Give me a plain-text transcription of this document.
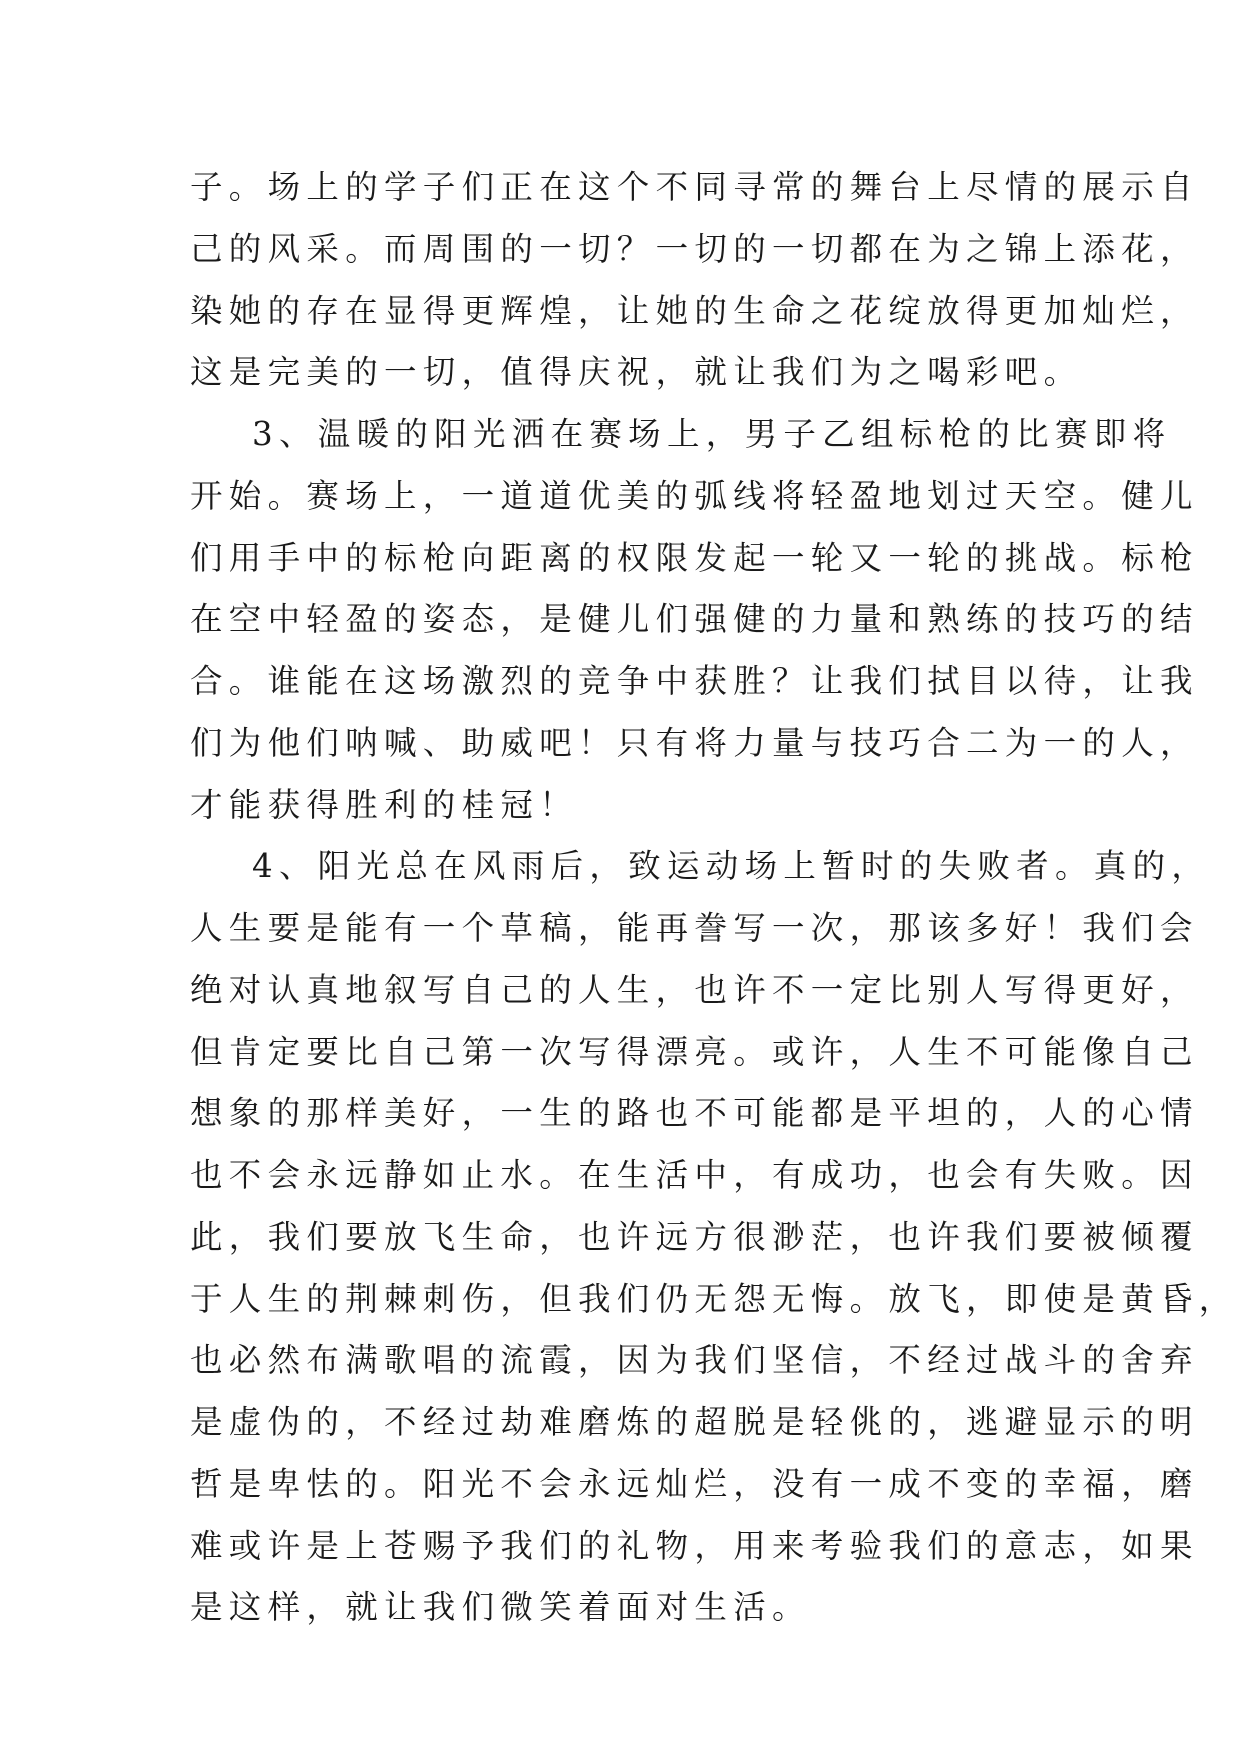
子。场上的学子们正在这个不同寻常的舞台上尽情的展示自
己的风采。而周围的一切？一切的一切都在为之锦上添花，
染她的存在显得更辉煌，让她的生命之花绽放得更加灿烂，
这是完美的一切，值得庆祝，就让我们为之喝彩吧。
3、温暖的阳光洒在赛场上，男子乙组标枪的比赛即将
开始。赛场上，一道道优美的弧线将轻盈地划过天空。健儿
们用手中的标枪向距离的权限发起一轮又一轮的挑战。标枪
在空中轻盈的姿态，是健儿们强健的力量和熟练的技巧的结
合。谁能在这场激烈的竞争中获胜？让我们拭目以待，让我
们为他们呐喊、助威吧！只有将力量与技巧合二为一的人，
才能获得胜利的桂冠！
4、阳光总在风雨后，致运动场上暂时的失败者。真的，
人生要是能有一个草稿，能再誊写一次，那该多好！我们会
绝对认真地叙写自己的人生，也许不一定比别人写得更好，
但肯定要比自己第一次写得漂亮。或许，人生不可能像自己
想象的那样美好，一生的路也不可能都是平坦的，人的心情
也不会永远静如止水。在生活中，有成功，也会有失败。因
此，我们要放飞生命，也许远方很渺茫，也许我们要被倾覆
于人生的荆棘刺伤，但我们仍无怨无悔。放飞，即使是黄昏，
也必然布满歌唱的流霞，因为我们坚信，不经过战斗的舍弃
是虚伪的，不经过劫难磨炼的超脱是轻佻的，逃避显示的明
哲是卑怯的。阳光不会永远灿烂，没有一成不变的幸福，磨
难或许是上苍赐予我们的礼物，用来考验我们的意志，如果
是这样，就让我们微笑着面对生活。
